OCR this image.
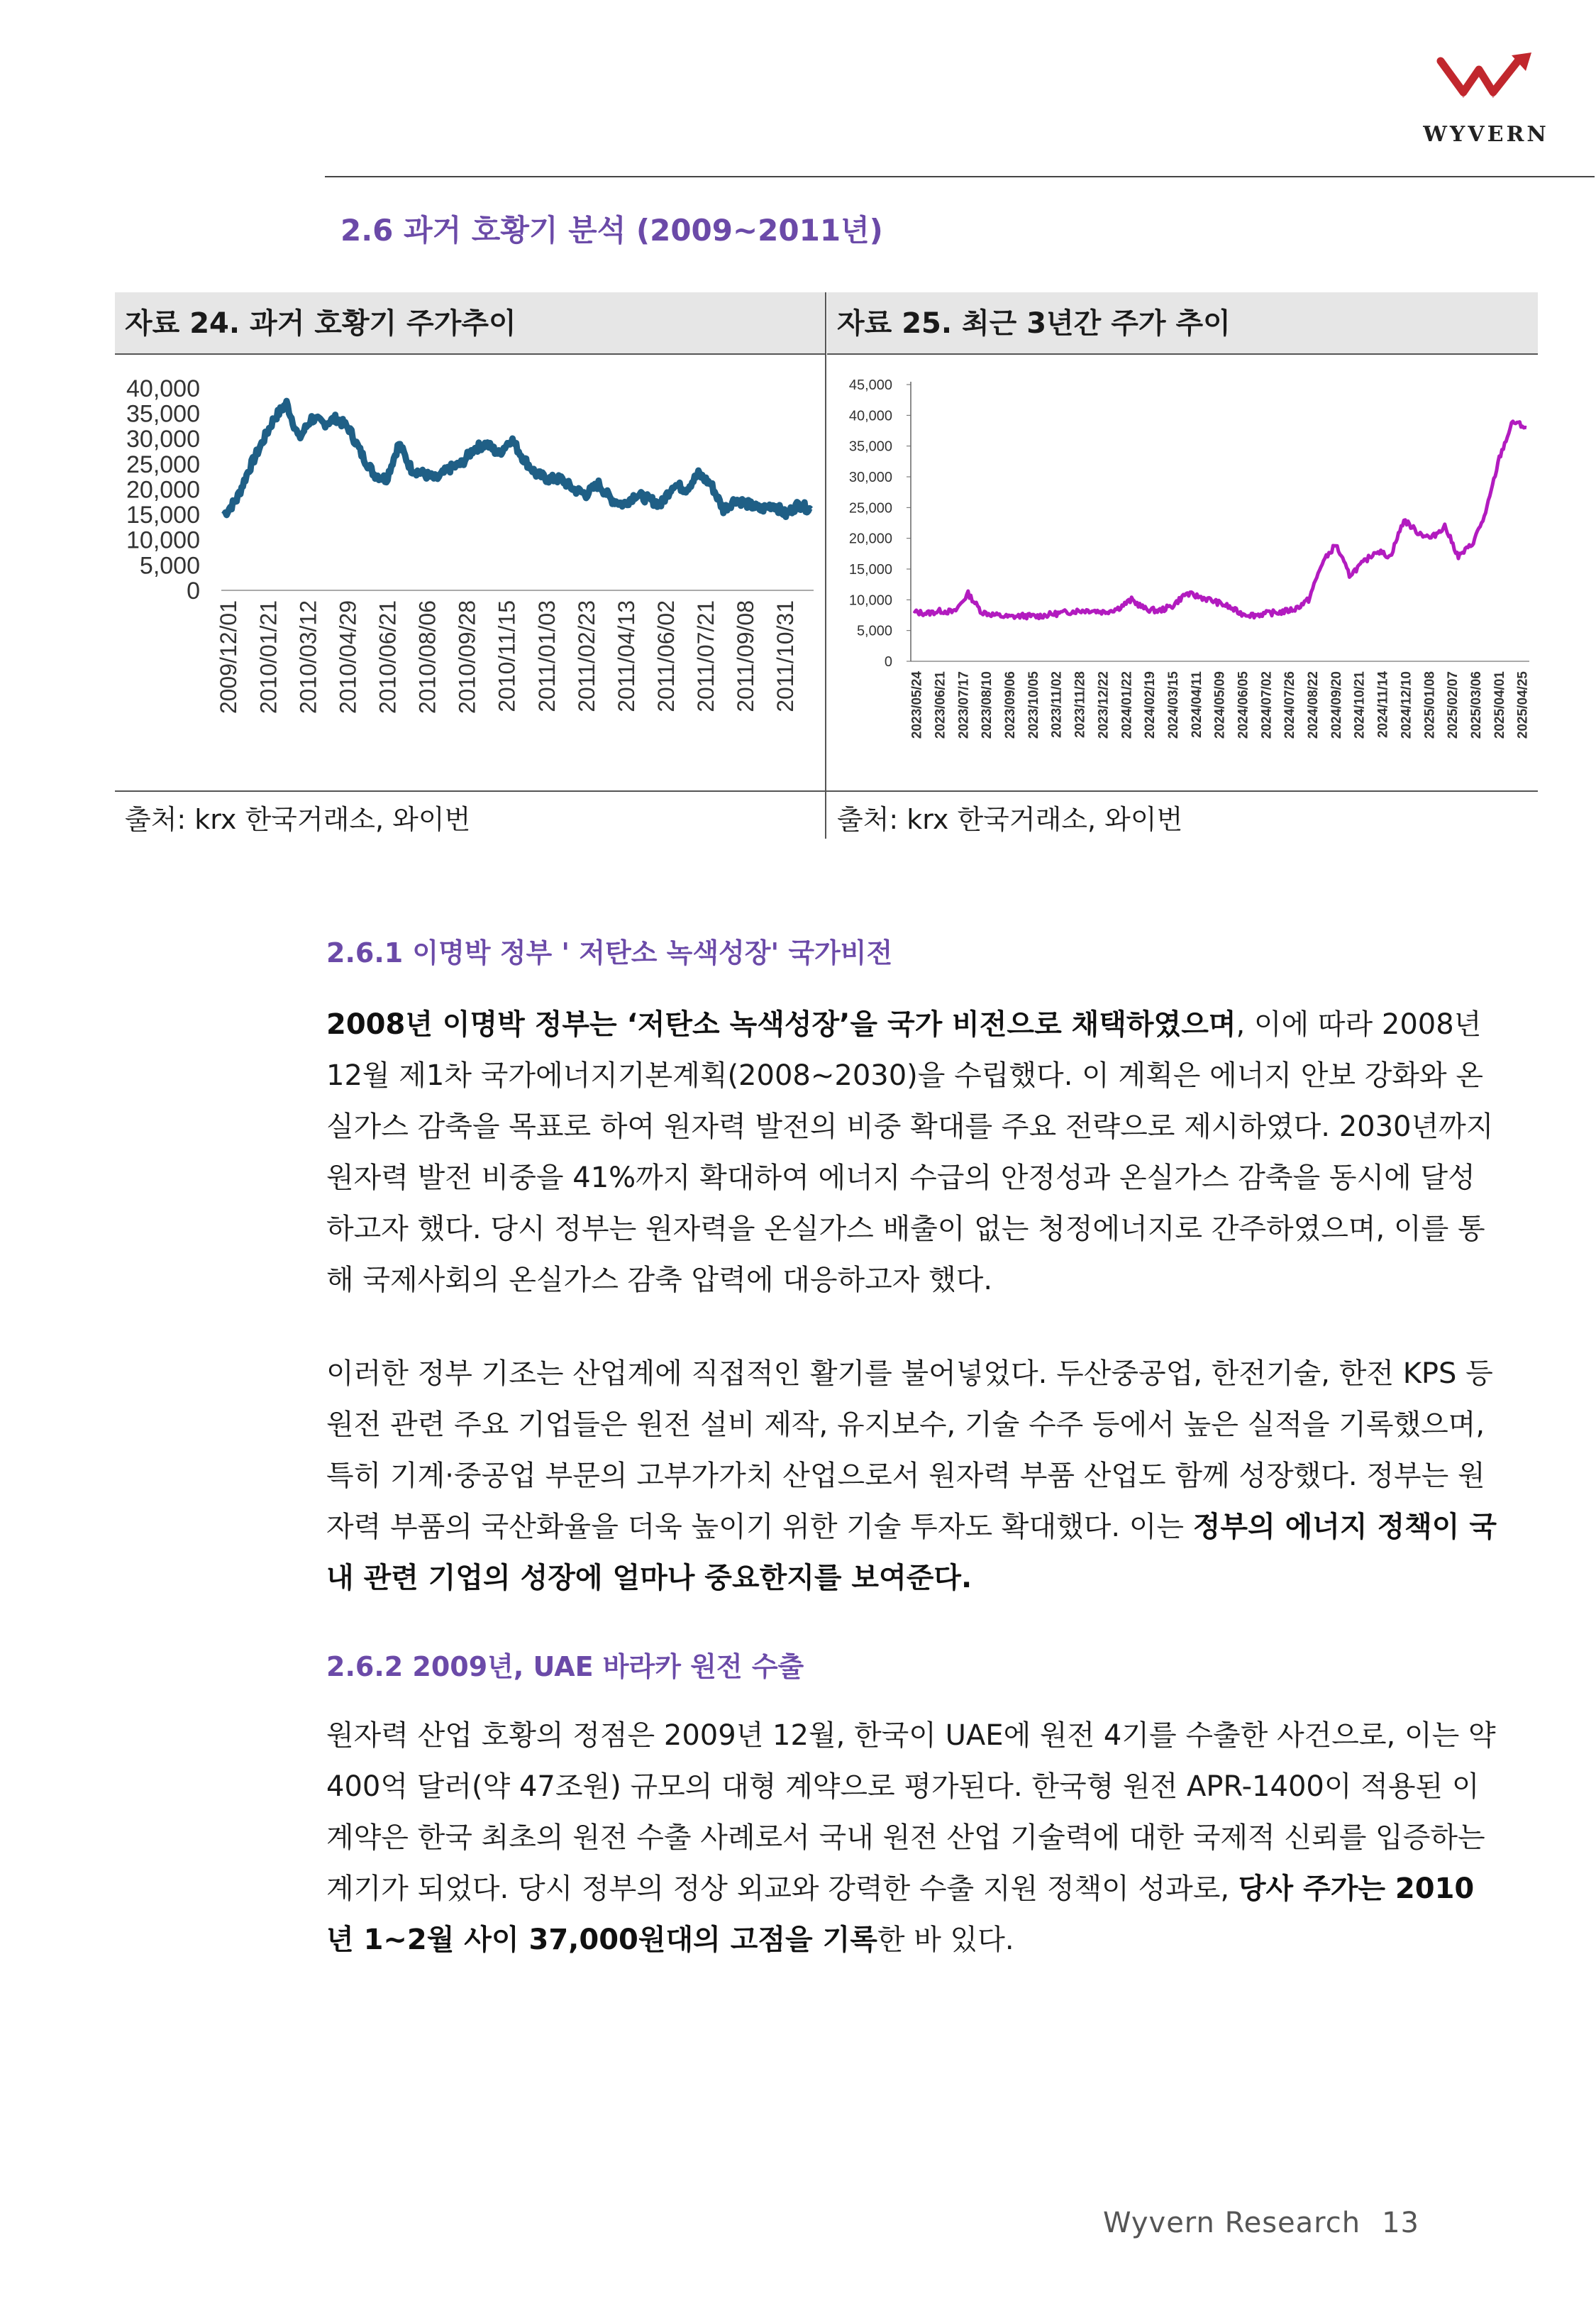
WYVERN
2.6 과거 호황기 분석 (2009~2011년)
자료 24. 과거 호황기 주가추이	자료 25. 최근 3년간 주가 추이
40,000
35,000
30,000
25,000
20,000
15,000
10,000
5,000
0
2009/12/01 2010/01/21 2010/03/12 2010/04/29 2010/06/21 2010/08/06 2010/09/28 2010/11/15 2011/01/03 2011/02/23 2011/04/13 2011/06/02 2011/07/21 2011/09/08 2011/10/31
45,000
40,000
35,000
30,000
25,000
20,000
15,000
10,000
5,000
0
2023/05/24 2023/06/21 2023/07/17 2023/08/10 2023/09/06 2023/10/05 2023/11/02 2023/11/28 2023/12/22 2024/01/22 2024/02/19 2024/03/15 2024/04/11 2024/05/09 2024/06/05 2024/07/02 2024/07/26 2024/08/22 2024/09/20 2024/10/21 2024/11/14 2024/12/10 2025/01/08 2025/02/07 2025/03/06 2025/04/01 2025/04/25
출처: krx 한국거래소, 와이번	출처: krx 한국거래소, 와이번
2.6.1 이명박 정부 ' 저탄소 녹색성장' 국가비전
2008년 이명박 정부는 ‘저탄소 녹색성장’을 국가 비전으로 채택하였으며, 이에 따라 2008년 12월 제1차 국가에너지기본계획(2008~2030)을 수립했다. 이 계획은 에너지 안보 강화와 온실가스 감축을 목표로 하여 원자력 발전의 비중 확대를 주요 전략으로 제시하였다. 2030년까지 원자력 발전 비중을 41%까지 확대하여 에너지 수급의 안정성과 온실가스 감축을 동시에 달성하고자 했다. 당시 정부는 원자력을 온실가스 배출이 없는 청정에너지로 간주하였으며, 이를 통해 국제사회의 온실가스 감축 압력에 대응하고자 했다.
이러한 정부 기조는 산업계에 직접적인 활기를 불어넣었다. 두산중공업, 한전기술, 한전 KPS 등 원전 관련 주요 기업들은 원전 설비 제작, 유지보수, 기술 수주 등에서 높은 실적을 기록했으며, 특히 기계·중공업 부문의 고부가가치 산업으로서 원자력 부품 산업도 함께 성장했다. 정부는 원자력 부품의 국산화율을 더욱 높이기 위한 기술 투자도 확대했다. 이는 정부의 에너지 정책이 국내 관련 기업의 성장에 얼마나 중요한지를 보여준다.
2.6.2 2009년, UAE 바라카 원전 수출
원자력 산업 호황의 정점은 2009년 12월, 한국이 UAE에 원전 4기를 수출한 사건으로, 이는 약 400억 달러(약 47조원) 규모의 대형 계약으로 평가된다. 한국형 원전 APR-1400이 적용된 이 계약은 한국 최초의 원전 수출 사례로서 국내 원전 산업 기술력에 대한 국제적 신뢰를 입증하는 계기가 되었다. 당시 정부의 정상 외교와 강력한 수출 지원 정책이 성과로, 당사 주가는 2010년 1~2월 사이 37,000원대의 고점을 기록한 바 있다.
Wyvern Research 13
